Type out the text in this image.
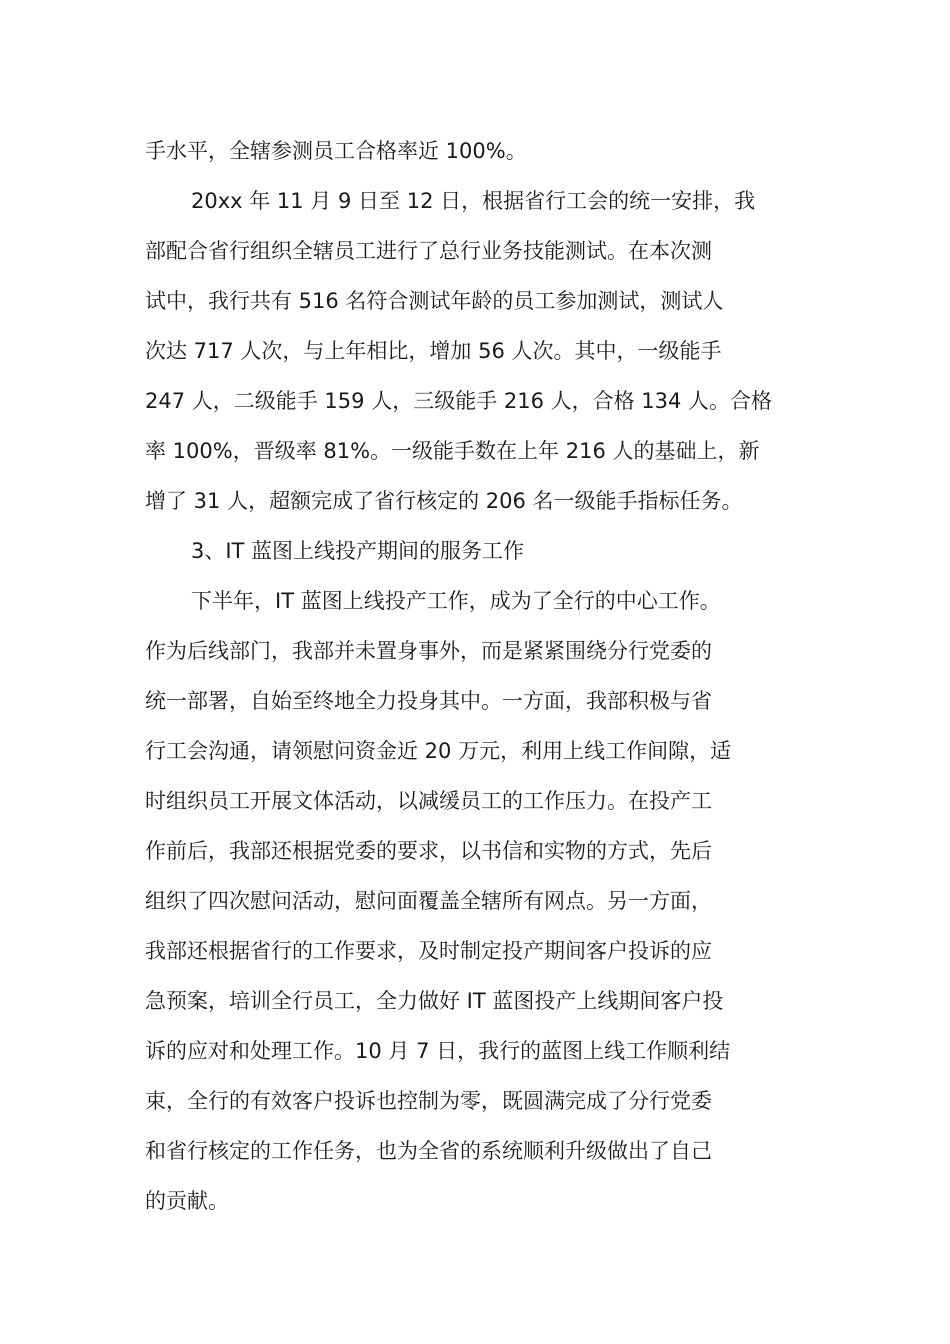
手水平，全辖参测员工合格率近 100%。
20xx 年 11 月 9 日至 12 日，根据省行工会的统一安排，我
部配合省行组织全辖员工进行了总行业务技能测试。在本次测
试中，我行共有 516 名符合测试年龄的员工参加测试，测试人
次达 717 人次，与上年相比，增加 56 人次。其中，一级能手
247 人，二级能手 159 人，三级能手 216 人，合格 134 人。合格
率 100%，晋级率 81%。一级能手数在上年 216 人的基础上，新
增了 31 人，超额完成了省行核定的 206 名一级能手指标任务。
3、IT 蓝图上线投产期间的服务工作
下半年，IT 蓝图上线投产工作，成为了全行的中心工作。
作为后线部门，我部并未置身事外，而是紧紧围绕分行党委的
统一部署，自始至终地全力投身其中。一方面，我部积极与省
行工会沟通，请领慰问资金近 20 万元，利用上线工作间隙，适
时组织员工开展文体活动，以减缓员工的工作压力。在投产工
作前后，我部还根据党委的要求，以书信和实物的方式，先后
组织了四次慰问活动，慰问面覆盖全辖所有网点。另一方面，
我部还根据省行的工作要求，及时制定投产期间客户投诉的应
急预案，培训全行员工，全力做好 IT 蓝图投产上线期间客户投
诉的应对和处理工作。10 月 7 日，我行的蓝图上线工作顺利结
束，全行的有效客户投诉也控制为零，既圆满完成了分行党委
和省行核定的工作任务，也为全省的系统顺利升级做出了自己
的贡献。
